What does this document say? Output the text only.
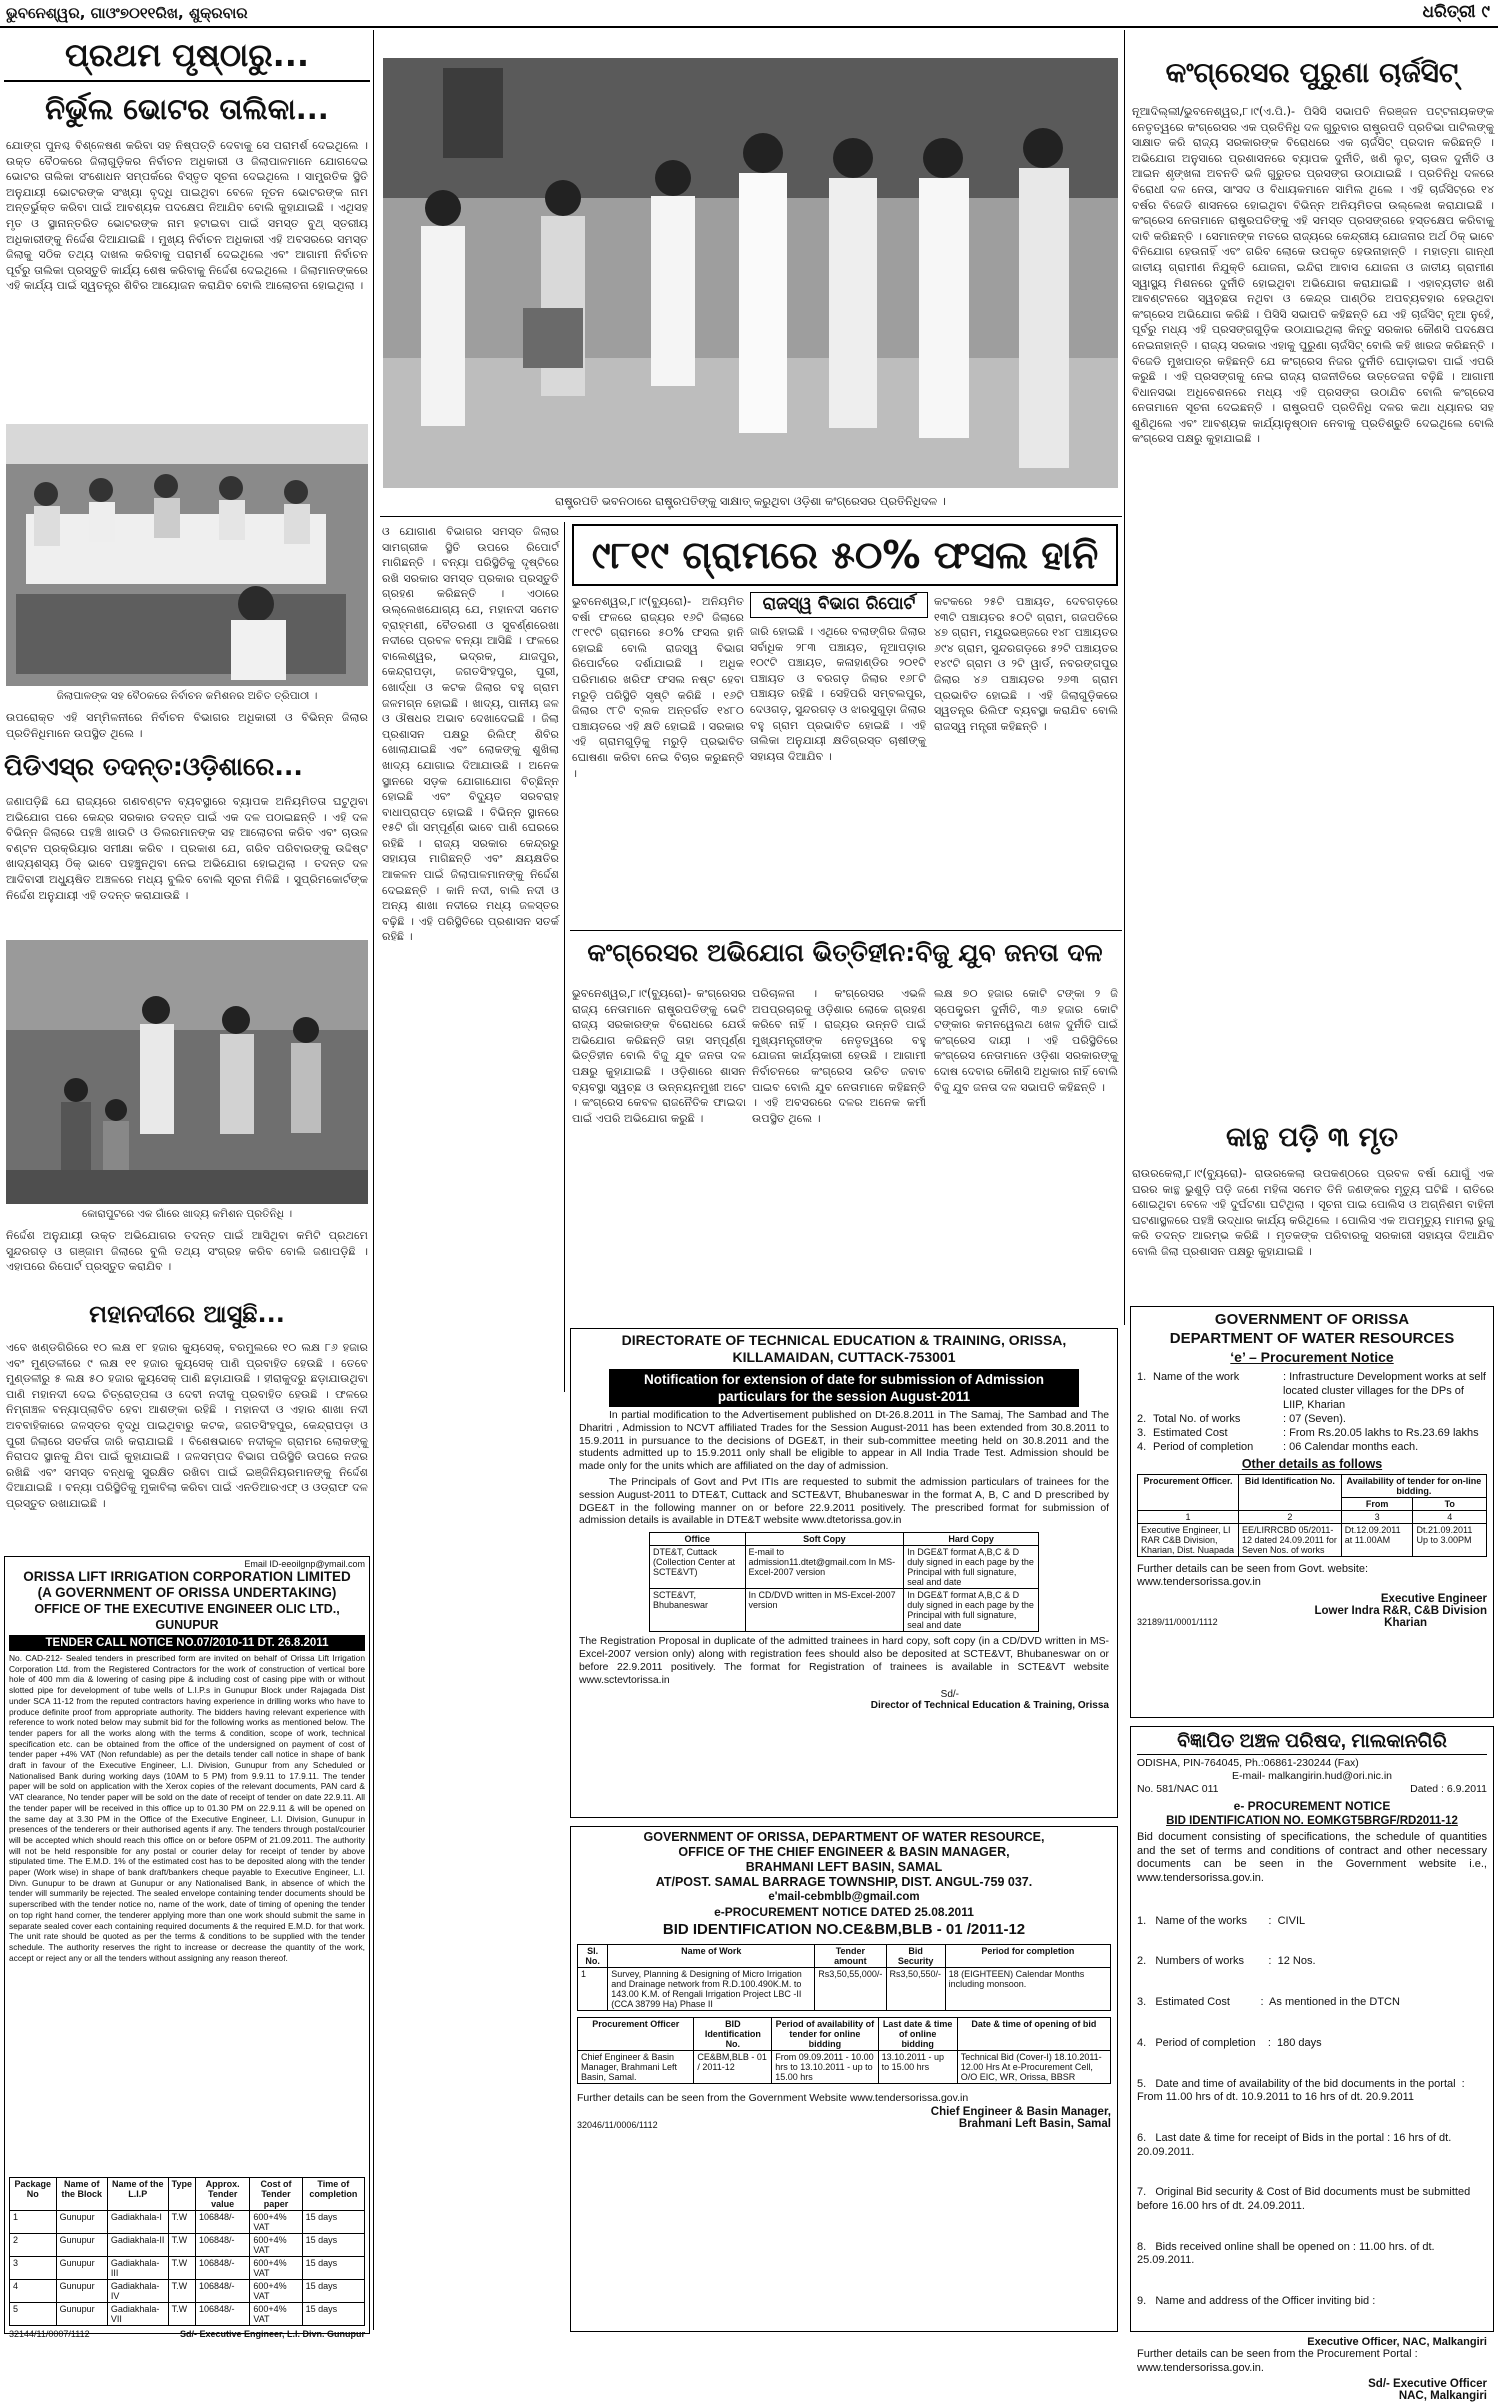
ଭୁବନେଶ୍ୱର, ଗାଓଂ୭୦୧୧ରିଖ, ଶୁକ୍ରବାର	ଧରିତ୍ରୀ ୯
ପ୍ରଥମ ପୃଷ୍ଠାରୁ...
ନିର୍ଭୁଲ ଭୋଟର ତାଲିକା...
ଯୋଙ୍ଗ ପୁନଶ୍ଚ ବିଶ୍ଳେଷଣ କରିବା ସହ ନିଷ୍ପତ୍ତି ଦେବାକୁ ସେ ପରାମର୍ଶ ଦେଇଥିଲେ । ଉକ୍ତ ବୈଠକରେ ଜିଲାଗୁଡ଼ିକର ନିର୍ବାଚନ ଅଧିକାରୀ ଓ ଜିଲାପାଳମାନେ ଯୋଗଦେଇ ଭୋଟର ତାଲିକା ସଂଶୋଧନ ସମ୍ପର୍କରେ ବିସ୍ତୃତ ସୂଚନା ଦେଇଥିଲେ । ସାମ୍ପ୍ରତିକ ସ୍ଥିତି ଅନୁଯାୟୀ ଭୋଟରଙ୍କ ସଂଖ୍ୟା ବୃଦ୍ଧି ପାଇଥିବା ବେଳେ ନୂତନ ଭୋଟରଙ୍କ ନାମ ଅନ୍ତର୍ଭୁକ୍ତ କରିବା ପାଇଁ ଆବଶ୍ୟକ ପଦକ୍ଷେପ ନିଆଯିବ ବୋଲି କୁହାଯାଇଛି । ଏଥିସହ ମୃତ ଓ ସ୍ଥାନାନ୍ତରିତ ଭୋଟରଙ୍କ ନାମ ହଟାଇବା ପାଇଁ ସମସ୍ତ ବୁଥ୍ ସ୍ତରୀୟ ଅଧିକାରୀଙ୍କୁ ନିର୍ଦ୍ଦେଶ ଦିଆଯାଇଛି । ମୁଖ୍ୟ ନିର୍ବାଚନ ଅଧିକାରୀ ଏହି ଅବସରରେ ସମସ୍ତ ଜିଲାକୁ ସଠିକ ତଥ୍ୟ ଦାଖଲ କରିବାକୁ ପରାମର୍ଶ ଦେଇଥିଲେ ଏବଂ ଆଗାମୀ ନିର୍ବାଚନ ପୂର୍ବରୁ ତାଲିକା ପ୍ରସ୍ତୁତି କାର୍ଯ୍ୟ ଶେଷ କରିବାକୁ ନିର୍ଦ୍ଦେଶ ଦେଇଥିଲେ । ଜିଲାମାନଙ୍କରେ ଏହି କାର୍ଯ୍ୟ ପାଇଁ ସ୍ୱତନ୍ତ୍ର ଶିବିର ଆୟୋଜନ କରାଯିବ ବୋଲି ଆଲୋଚନା ହୋଇଥିଲା ।
ଜିଲାପାଳଙ୍କ ସହ ବୈଠକରେ ନିର୍ବାଚନ କମିଶନର ଅଚିତ ତ୍ରିପାଠୀ ।
ଉପରୋକ୍ତ ଏହି ସମ୍ମିଳନୀରେ ନିର୍ବାଚନ ବିଭାଗର ଅଧିକାରୀ ଓ ବିଭିନ୍ନ ଜିଲାର ପ୍ରତିନିଧିମାନେ ଉପସ୍ଥିତ ଥିଲେ ।
ପିଡିଏସ୍‌ର ତଦନ୍ତ:ଓଡ଼ିଶାରେ...
ଜଣାପଡ଼ିଛି ଯେ ରାଜ୍ୟରେ ଗଣବଣ୍ଟନ ବ୍ୟବସ୍ଥାରେ ବ୍ୟାପକ ଅନିୟମିତତା ଘଟୁଥିବା ଅଭିଯୋଗ ପରେ କେନ୍ଦ୍ର ସରକାର ତଦନ୍ତ ପାଇଁ ଏକ ଦଳ ପଠାଇଛନ୍ତି । ଏହି ଦଳ ବିଭିନ୍ନ ଜିଲାରେ ପହଞ୍ଚି ଖାଉଟି ଓ ଡିଲରମାନଙ୍କ ସହ ଆଲୋଚନା କରିବ ଏବଂ ଚାଉଳ ବଣ୍ଟନ ପ୍ରକ୍ରିୟାର ସମୀକ୍ଷା କରିବ । ପ୍ରକାଶ ଯେ, ଗରିବ ପରିବାରଙ୍କୁ ଉଦ୍ଦିଷ୍ଟ ଖାଦ୍ୟଶସ୍ୟ ଠିକ୍ ଭାବେ ପହଞ୍ଚୁନଥିବା ନେଇ ଅଭିଯୋଗ ହୋଇଥିଲା । ତଦନ୍ତ ଦଳ ଆଦିବାସୀ ଅଧ୍ୟୁଷିତ ଅଞ୍ଚଳରେ ମଧ୍ୟ ବୁଲିବ ବୋଲି ସୂଚନା ମିଳିଛି । ସୁପ୍ରିମକୋର୍ଟଙ୍କ ନିର୍ଦ୍ଦେଶ ଅନୁଯାୟୀ ଏହି ତଦନ୍ତ କରାଯାଉଛି ।
କୋରାପୁଟରେ ଏକ ଗାଁରେ ଖାଦ୍ୟ କମିଶନ ପ୍ରତିନିଧି ।
ନିର୍ଦ୍ଦେଶ ଅନୁଯାୟୀ ଉକ୍ତ ଅଭିଯୋଗର ତଦନ୍ତ ପାଇଁ ଆସିଥିବା କମିଟି ପ୍ରଥମେ ସୁନ୍ଦରଗଡ଼ ଓ ଗଞ୍ଜାମ ଜିଲାରେ ବୁଲି ତଥ୍ୟ ସଂଗ୍ରହ କରିବ ବୋଲି ଜଣାପଡ଼ିଛି । ଏହାପରେ ରିପୋର୍ଟ ପ୍ରସ୍ତୁତ କରାଯିବ ।
ମହାନଦୀରେ ଆସୁଛି...
ଏବେ ଖଣ୍ଡଗିରିରେ ୧୦ ଲକ୍ଷ ୧୮ ହଜାର କ୍ୟୁସେକ୍, ବରମୁଲରେ ୧୦ ଲକ୍ଷ ୮୬ ହଜାର ଏବଂ ମୁଣ୍ଡଳୀରେ ୯ ଲକ୍ଷ ୧୧ ହଜାର କ୍ୟୁସେକ୍ ପାଣି ପ୍ରବାହିତ ହେଉଛି । ତେବେ ମୁଣ୍ଡଳୀରୁ ୫ ଲକ୍ଷ ୫୦ ହଜାର କ୍ୟୁସେକ୍ ପାଣି ଛଡ଼ାଯାଉଛି । ହୀରାକୁଦରୁ ଛଡ଼ାଯାଉଥିବା ପାଣି ମହାନଦୀ ଦେଇ ଚିତ୍ରୋତ୍ପଳା ଓ ଦେବୀ ନଦୀକୁ ପ୍ରବାହିତ ହେଉଛି । ଫଳରେ ନିମ୍ନାଞ୍ଚଳ ବନ୍ୟାପ୍ଲାବିତ ହେବା ଆଶଙ୍କା ରହିଛି । ମହାନଦୀ ଓ ଏହାର ଶାଖା ନଦୀ ଅବବାହିକାରେ ଜଳସ୍ତର ବୃଦ୍ଧି ପାଇଥିବାରୁ କଟକ, ଜଗତସିଂହପୁର, କେନ୍ଦ୍ରାପଡ଼ା ଓ ପୁରୀ ଜିଲାରେ ସତର୍କତା ଜାରି କରାଯାଇଛି । ବିଶେଷଭାବେ ନଦୀକୂଳ ଗ୍ରାମର ଲୋକଙ୍କୁ ନିରାପଦ ସ୍ଥାନକୁ ଯିବା ପାଇଁ କୁହାଯାଇଛି । ଜଳସମ୍ପଦ ବିଭାଗ ପରିସ୍ଥିତି ଉପରେ ନଜର ରଖିଛି ଏବଂ ସମସ୍ତ ବନ୍ଧକୁ ସୁରକ୍ଷିତ ରଖିବା ପାଇଁ ଇଞ୍ଜିନିୟରମାନଙ୍କୁ ନିର୍ଦ୍ଦେଶ ଦିଆଯାଇଛି । ବନ୍ୟା ପରିସ୍ଥିତିକୁ ମୁକାବିଲା କରିବା ପାଇଁ ଏନଡିଆରଏଫ୍ ଓ ଓଡ୍ରାଫ ଦଳ ପ୍ରସ୍ତୁତ ରଖାଯାଇଛି ।
Email ID-eeoilgnp@ymail.com
ORISSA LIFT IRRIGATION CORPORATION LIMITED
(A GOVERNMENT OF ORISSA UNDERTAKING)
OFFICE OF THE EXECUTIVE ENGINEER OLIC LTD., GUNUPUR
TENDER CALL NOTICE NO.07/2010-11 DT. 26.8.2011
No. CAD-212- Sealed tenders in prescribed form are invited on behalf of Orissa Lift Irrigation Corporation Ltd. from the Registered Contractors for the work of construction of vertical bore hole of 400 mm dia & lowering of casing pipe & including cost of casing pipe with or without slotted pipe for development of tube wells of L.I.P.s in Gunupur Block under Rajagada Dist under SCA 11-12 from the reputed contractors having experience in drilling works who have to produce definite proof from appropriate authority. The bidders having relevant experience with reference to work noted below may submit bid for the following works as mentioned below. The tender papers for all the works along with the terms & condition, scope of work, technical specification etc. can be obtained from the office of the undersigned on payment of cost of tender paper +4% VAT (Non refundable) as per the details tender call notice in shape of bank draft in favour of the Executive Engineer, L.I. Division, Gunupur from any Scheduled or Nationalised Bank during working days (10AM to 5 PM) from 9.9.11 to 17.9.11. The tender paper will be sold on application with the Xerox copies of the relevant documents, PAN card & VAT clearance, No tender paper will be sold on the date of receipt of tender on date 22.9.11. All the tender paper will be received in this office up to 01.30 PM on 22.9.11 & will be opened on the same day at 3.30 PM in the Office of the Executive Engineer, L.I. Division, Gunupur in presences of the tenderers or their authorised agents if any. The tenders through postal/courier will be accepted which should reach this office on or before 05PM of 21.09.2011. The authority will not be held responsible for any postal or courier delay for receipt of tender by above stipulated time. The E.M.D. 1% of the estimated cost has to be deposited along with the tender paper (Work wise) in shape of bank draft/bankers cheque payable to Executive Engineer, L.I. Divn. Gunupur to be drawn at Gunupur or any Nationalised Bank, in absence of which the tender will summarily be rejected. The sealed envelope containing tender documents should be superscribed with the tender notice no, name of the work, date of timing of opening the tender on top right hand corner, the tenderer applying more than one work should submit the same in separate sealed cover each containing required documents & the required E.M.D. for that work. The unit rate should be quoted as per the terms & conditions to be supplied with the tender schedule. The authority reserves the right to increase or decrease the quantity of the work, accept or reject any or all the tenders without assigning any reason thereof.
Package No	Name of the Block	Name of the L.I.P	Type	Approx. Tender value	Cost of Tender paper	Time of completion
1	Gunupur	Gadiakhala-I	T.W	106848/-	600+4% VAT	15 days
2	Gunupur	Gadiakhala-II	T.W	106848/-	600+4% VAT	15 days
3	Gunupur	Gadiakhala-III	T.W	106848/-	600+4% VAT	15 days
4	Gunupur	Gadiakhala-IV	T.W	106848/-	600+4% VAT	15 days
5	Gunupur	Gadiakhala-VII	T.W	106848/-	600+4% VAT	15 days
32144/11/0007/1112	Sd/- Executive Engineer, L.I. Divn. Gunupur
ରାଷ୍ଟ୍ରପତି ଭବନଠାରେ ରାଷ୍ଟ୍ରପତିଙ୍କୁ ସାକ୍ଷାତ୍ କରୁଥିବା ଓଡ଼ିଶା କଂଗ୍ରେସର ପ୍ରତିନିଧିଦଳ ।
ଓ ଯୋଗାଣ ବିଭାଗର ସମସ୍ତ ଜିଲାର ସାମଗ୍ରୀକ ସ୍ଥିତି ଉପରେ ରିପୋର୍ଟ ମାଗିଛନ୍ତି । ବନ୍ୟା ପରିସ୍ଥିତିକୁ ଦୃଷ୍ଟିରେ ରଖି ସରକାର ସମସ୍ତ ପ୍ରକାର ପ୍ରସ୍ତୁତି ଗ୍ରହଣ କରିଛନ୍ତି । ଏଠାରେ ଉଲ୍ଲେଖଯୋଗ୍ୟ ଯେ, ମହାନଦୀ ସମେତ ବ୍ରାହ୍ମଣୀ, ବୈତରଣୀ ଓ ସୁବର୍ଣ୍ଣରେଖା ନଦୀରେ ପ୍ରବଳ ବନ୍ୟା ଆସିଛି । ଫଳରେ ବାଲେଶ୍ୱର, ଭଦ୍ରକ, ଯାଜପୁର, କେନ୍ଦ୍ରାପଡ଼ା, ଜଗତସିଂହପୁର, ପୁରୀ, ଖୋର୍ଦ୍ଧା ଓ କଟକ ଜିଲାର ବହୁ ଗ୍ରାମ ଜଳମଗ୍ନ ହୋଇଛି । ଖାଦ୍ୟ, ପାନୀୟ ଜଳ ଓ ଔଷଧର ଅଭାବ ଦେଖାଦେଇଛି । ଜିଲା ପ୍ରଶାସନ ପକ୍ଷରୁ ରିଲିଫ୍ ଶିବିର ଖୋଲାଯାଇଛି ଏବଂ ଲୋକଙ୍କୁ ଶୁଖିଲା ଖାଦ୍ୟ ଯୋଗାଇ ଦିଆଯାଉଛି । ଅନେକ ସ୍ଥାନରେ ସଡ଼କ ଯୋଗାଯୋଗ ବିଚ୍ଛିନ୍ନ ହୋଇଛି ଏବଂ ବିଦ୍ୟୁତ ସରବରାହ ବାଧାପ୍ରାପ୍ତ ହୋଇଛି । ବିଭିନ୍ନ ସ୍ଥାନରେ ୧୫ଟି ଗାଁ ସମ୍ପୂର୍ଣ୍ଣ ଭାବେ ପାଣି ଘେରରେ ରହିଛି । ରାଜ୍ୟ ସରକାର କେନ୍ଦ୍ରରୁ ସହାୟତା ମାଗିଛନ୍ତି ଏବଂ କ୍ଷୟକ୍ଷତିର ଆକଳନ ପାଇଁ ଜିଲାପାଳମାନଙ୍କୁ ନିର୍ଦ୍ଦେଶ ଦେଇଛନ୍ତି । କାନି ନଦୀ, ବାଲି ନଦୀ ଓ ଅନ୍ୟ ଶାଖା ନଦୀରେ ମଧ୍ୟ ଜଳସ୍ତର ବଢ଼ିଛି । ଏହି ପରିସ୍ଥିତିରେ ପ୍ରଶାସନ ସତର୍କ ରହିଛି ।
୯୮୧୯ ଗ୍ରାମରେ ୫୦% ଫସଲ ହାନି
ଭୁବନେଶ୍ୱର,୮।୯(ବ୍ୟୁରୋ)- ଅନିୟମିତ ବର୍ଷା ଫଳରେ ରାଜ୍ୟର ୧୬ଟି ଜିଲାରେ ୯୮୧୯ଟି ଗ୍ରାମରେ ୫୦% ଫସଲ ହାନି ହୋଇଛି ବୋଲି ରାଜସ୍ୱ ବିଭାଗ ରିପୋର୍ଟରେ ଦର୍ଶାଯାଇଛି । ଅଧିକ ପରିମାଣର ଖରିଫ ଫସଲ ନଷ୍ଟ ହେବା ମରୁଡ଼ି ପରିସ୍ଥିତି ସୃଷ୍ଟି କରିଛି । ୧୬ଟି ଜିଲାର ୯୮ଟି ବ୍ଲକ ଅନ୍ତର୍ଗତ ୧୪୮୦ ପଞ୍ଚାୟତରେ ଏହି କ୍ଷତି ହୋଇଛି । ସରକାର ଏହି ଗ୍ରାମଗୁଡ଼ିକୁ ମରୁଡ଼ି ପ୍ରଭାବିତ ଘୋଷଣା କରିବା ନେଇ ବିଚାର କରୁଛନ୍ତି ।
ରାଜସ୍ୱ ବିଭାଗ ରିପୋର୍ଟ
ଜାରି ହୋଇଛି । ଏଥିରେ ବଲାଙ୍ଗିର ଜିଲାର ସର୍ବାଧିକ ୨୮୩ ପଞ୍ଚାୟତ, ନୂଆପଡ଼ାର ୧୦୯ଟି ପଞ୍ଚାୟତ, କଳାହାଣ୍ଡିର ୨୦୧ଟି ପଞ୍ଚାୟତ ଓ ବରଗଡ଼ ଜିଲାର ୧୬୮ଟି ପଞ୍ଚାୟତ ରହିଛି । ସେହିପରି ସମ୍ବଲପୁର, ଦେଓଗଡ଼, ସୁନ୍ଦରଗଡ଼ ଓ ଝାରସୁଗୁଡ଼ା ଜିଲାର ବହୁ ଗ୍ରାମ ପ୍ରଭାବିତ ହୋଇଛି । ଏହି ତାଲିକା ଅନୁଯାୟୀ କ୍ଷତିଗ୍ରସ୍ତ ଚାଷୀଙ୍କୁ ସହାୟତା ଦିଆଯିବ ।
କଟକରେ ୨୫ଟି ପଞ୍ଚାୟତ, ଦେବଗଡ଼ରେ ୧୩ଟି ପଞ୍ଚାୟତର ୫୦ଟି ଗ୍ରାମ, ଗଜପତିରେ ୪୭ ଗ୍ରାମ, ମୟୂରଭଞ୍ଜରେ ୧୪୮ ପଞ୍ଚାୟତର ୬୯୪ ଗ୍ରାମ, ସୁନ୍ଦରଗଡ଼ରେ ୫୨ଟି ପଞ୍ଚାୟତର ୧୪୯ଟି ଗ୍ରାମ ଓ ୨ଟି ୱାର୍ଡ, ନବରଙ୍ଗପୁର ଜିଲାର ୪୬ ପଞ୍ଚାୟତର ୨୬୩ ଗ୍ରାମ ପ୍ରଭାବିତ ହୋଇଛି । ଏହି ଜିଲାଗୁଡ଼ିକରେ ସ୍ୱତନ୍ତ୍ର ରିଲିଫ ବ୍ୟବସ୍ଥା କରାଯିବ ବୋଲି ରାଜସ୍ୱ ମନ୍ତ୍ରୀ କହିଛନ୍ତି ।
କଂଗ୍ରେସର ଅଭିଯୋଗ ଭିତ୍ତିହୀନ:ବିଜୁ ଯୁବ ଜନତା ଦଳ
ଭୁବନେଶ୍ୱର,୮।୯(ବ୍ୟୁରୋ)- କଂଗ୍ରେସର ରାଜ୍ୟ ନେତାମାନେ ରାଷ୍ଟ୍ରପତିଙ୍କୁ ଭେଟି ରାଜ୍ୟ ସରକାରଙ୍କ ବିରୋଧରେ ଯେଉଁ ଅଭିଯୋଗ କରିଛନ୍ତି ତାହା ସମ୍ପୂର୍ଣ୍ଣ ଭିତ୍ତିହୀନ ବୋଲି ବିଜୁ ଯୁବ ଜନତା ଦଳ ପକ୍ଷରୁ କୁହାଯାଇଛି । ଓଡ଼ିଶାରେ ଶାସନ ବ୍ୟବସ୍ଥା ସ୍ୱଚ୍ଛ ଓ ଉନ୍ନୟନମୁଖୀ ଅଟେ । କଂଗ୍ରେସ କେବଳ ରାଜନୈତିକ ଫାଇଦା ପାଇଁ ଏପରି ଅଭିଯୋଗ କରୁଛି ।
ପରିଚାଳନା । କଂଗ୍ରେସର ଏଭଳି ଅପପ୍ରଚାରକୁ ଓଡ଼ିଶାର ଲୋକେ ଗ୍ରହଣ କରିବେ ନାହିଁ । ରାଜ୍ୟର ଉନ୍ନତି ପାଇଁ ମୁଖ୍ୟମନ୍ତ୍ରୀଙ୍କ ନେତୃତ୍ୱରେ ବହୁ ଯୋଜନା କାର୍ଯ୍ୟକାରୀ ହେଉଛି । ଆଗାମୀ ନିର୍ବାଚନରେ କଂଗ୍ରେସ ଉଚିତ ଜବାବ ପାଇବ ବୋଲି ଯୁବ ନେତାମାନେ କହିଛନ୍ତି । ଏହି ଅବସରରେ ଦଳର ଅନେକ କର୍ମୀ ଉପସ୍ଥିତ ଥିଲେ ।
ଲକ୍ଷ ୭୦ ହଜାର କୋଟି ଟଙ୍କା ୨ ଜି ସ୍ପେକ୍ଟ୍ରମ ଦୁର୍ନୀତି, ୩୬ ହଜାର କୋଟି ଟଙ୍କାର କମନୱେଲଥ ଖେଳ ଦୁର୍ନୀତି ପାଇଁ କଂଗ୍ରେସ ଦାୟୀ । ଏହି ପରିସ୍ଥିତିରେ କଂଗ୍ରେସ ନେତାମାନେ ଓଡ଼ିଶା ସରକାରଙ୍କୁ ଦୋଷ ଦେବାର କୌଣସି ଅଧିକାର ନାହିଁ ବୋଲି ବିଜୁ ଯୁବ ଜନତା ଦଳ ସଭାପତି କହିଛନ୍ତି ।
DIRECTORATE OF TECHNICAL EDUCATION & TRAINING, ORISSA,
KILLAMAIDAN, CUTTACK-753001
Notification for extension of date for submission of Admission particulars for the session August-2011
In partial modification to the Advertisement published on Dt-26.8.2011 in The Samaj, The Sambad and The Dharitri , Admission to NCVT affiliated Trades for the Session August-2011 has been extended from 30.8.2011 to 15.9.2011 in pursuance to the decisions of DGE&T, in their sub-committee meeting held on 30.8.2011 and the students admitted up to 15.9.2011 only shall be eligible to appear in All India Trade Test. Admission should be made only for the units which are affiliated on the day of admission.
The Principals of Govt and Pvt ITIs are requested to submit the admission particulars of trainees for the session August-2011 to DTE&T, Cuttack and SCTE&VT, Bhubaneswar in the format A, B, C and D prescribed by DGE&T in the following manner on or before 22.9.2011 positively. The prescribed format for submission of admission details is available in DTE&T website www.dtetorissa.gov.in
Office	Soft Copy	Hard Copy
DTE&T, Cuttack (Collection Center at SCTE&VT)	E-mail to admission11.dtet@gmail.com In MS-Excel-2007 version	In DGE&T format A,B,C & D duly signed in each page by the Principal with full signature, seal and date
SCTE&VT, Bhubaneswar	In CD/DVD written in MS-Excel-2007 version	In DGE&T format A,B,C & D duly signed in each page by the Principal with full signature, seal and date
The Registration Proposal in duplicate of the admitted trainees in hard copy, soft copy (in a CD/DVD written in MS-Excel-2007 version only) along with registration fees should also be deposited at SCTE&VT, Bhubaneswar on or before 22.9.2011 positively. The format for Registration of trainees is available in SCTE&VT website www.sctevtorissa.in
Sd/-
Director of Technical Education & Training, Orissa
GOVERNMENT OF ORISSA, DEPARTMENT OF WATER RESOURCE,
OFFICE OF THE CHIEF ENGINEER & BASIN MANAGER,
BRAHMANI LEFT BASIN, SAMAL
AT/POST. SAMAL BARRAGE TOWNSHIP, DIST. ANGUL-759 037.
e'mail-cebmblb@gmail.com
e-PROCUREMENT NOTICE DATED 25.08.2011
BID IDENTIFICATION NO.CE&BM,BLB - 01 /2011-12
Sl. No.	Name of Work	Tender amount	Bid Security	Period for completion
1	Survey, Planning & Designing of Micro Irrigation and Drainage network from R.D.100.490K.M. to 143.00 K.M. of Rengali Irrigation Project LBC -II (CCA 38799 Ha) Phase II	Rs3,50,55,000/-	Rs3,50,550/-	18 (EIGHTEEN) Calendar Months including monsoon.
Procurement Officer	BID Identification No.	Period of availability of tender for online bidding	Last date & time of online bidding	Date & time of opening of bid
Chief Engineer & Basin Manager, Brahmani Left Basin, Samal.	CE&BM,BLB - 01 / 2011-12	From 09.09.2011 - 10.00 hrs to 13.10.2011 - up to 15.00 hrs	13.10.2011 - up to 15.00 hrs	Technical Bid (Cover-I) 18.10.2011- 12.00 Hrs At e-Procurement Cell, O/O EIC, WR, Orissa, BBSR
Further details can be seen from the Government Website www.tendersorissa.gov.in
32046/11/0006/1112
Chief Engineer & Basin Manager,
Brahmani Left Basin, Samal
କଂଗ୍ରେସର ପୁରୁଣା ଚାର୍ଜସିଟ୍
ନୂଆଦିଲ୍ଲୀ/ଭୁବନେଶ୍ୱର,୮।୯(ଏ.ପି.)- ପିସିସି ସଭାପତି ନିରଞ୍ଜନ ପଟ୍ଟନାୟକଙ୍କ ନେତୃତ୍ୱରେ କଂଗ୍ରେସର ଏକ ପ୍ରତିନିଧି ଦଳ ଗୁରୁବାର ରାଷ୍ଟ୍ରପତି ପ୍ରତିଭା ପାଟିଲଙ୍କୁ ସାକ୍ଷାତ କରି ରାଜ୍ୟ ସରକାରଙ୍କ ବିରୋଧରେ ଏକ ଚାର୍ଜସିଟ୍ ପ୍ରଦାନ କରିଛନ୍ତି । ଅଭିଯୋଗ ଅନୁସାରେ ପ୍ରଶାସନରେ ବ୍ୟାପକ ଦୁର୍ନୀତି, ଖଣି ଲୁଟ୍, ଚାଉଳ ଦୁର୍ନୀତି ଓ ଆଇନ ଶୃଙ୍ଖଳା ଅବନତି ଭଳି ଗୁରୁତର ପ୍ରସଙ୍ଗ ଉଠାଯାଇଛି । ପ୍ରତିନିଧି ଦଳରେ ବିରୋଧୀ ଦଳ ନେତା, ସାଂସଦ ଓ ବିଧାୟକମାନେ ସାମିଲ ଥିଲେ । ଏହି ଚାର୍ଜସିଟ୍‌ରେ ୧୪ ବର୍ଷର ବିଜେଡି ଶାସନରେ ହୋଇଥିବା ବିଭିନ୍ନ ଅନିୟମିତତା ଉଲ୍ଲେଖ କରାଯାଇଛି । କଂଗ୍ରେସ ନେତାମାନେ ରାଷ୍ଟ୍ରପତିଙ୍କୁ ଏହି ସମସ୍ତ ପ୍ରସଙ୍ଗରେ ହସ୍ତକ୍ଷେପ କରିବାକୁ ଦାବି କରିଛନ୍ତି । ସେମାନଙ୍କ ମତରେ ରାଜ୍ୟରେ କେନ୍ଦ୍ରୀୟ ଯୋଜନାର ଅର୍ଥ ଠିକ୍ ଭାବେ ବିନିଯୋଗ ହେଉନାହିଁ ଏବଂ ଗରିବ ଲୋକେ ଉପକୃତ ହେଉନାହାନ୍ତି । ମହାତ୍ମା ଗାନ୍ଧୀ ଜାତୀୟ ଗ୍ରାମୀଣ ନିଯୁକ୍ତି ଯୋଜନା, ଇନ୍ଦିରା ଆବାସ ଯୋଜନା ଓ ଜାତୀୟ ଗ୍ରାମୀଣ ସ୍ୱାସ୍ଥ୍ୟ ମିଶନରେ ଦୁର୍ନୀତି ହୋଇଥିବା ଅଭିଯୋଗ କରାଯାଇଛି । ଏହାବ୍ୟତୀତ ଖଣି ଆବଣ୍ଟନରେ ସ୍ୱଚ୍ଛତା ନଥିବା ଓ କେନ୍ଦ୍ର ପାଣ୍ଠିର ଅପବ୍ୟବହାର ହେଉଥିବା କଂଗ୍ରେସ ଅଭିଯୋଗ କରିଛି । ପିସିସି ସଭାପତି କହିଛନ୍ତି ଯେ ଏହି ଚାର୍ଜସିଟ୍ ନୂଆ ନୁହେଁ, ପୂର୍ବରୁ ମଧ୍ୟ ଏହି ପ୍ରସଙ୍ଗଗୁଡ଼ିକ ଉଠାଯାଇଥିଲା କିନ୍ତୁ ସରକାର କୌଣସି ପଦକ୍ଷେପ ନେଇନାହାନ୍ତି । ରାଜ୍ୟ ସରକାର ଏହାକୁ ପୁରୁଣା ଚାର୍ଜସିଟ୍ ବୋଲି କହି ଖାରଜ କରିଛନ୍ତି । ବିଜେଡି ମୁଖପାତ୍ର କହିଛନ୍ତି ଯେ କଂଗ୍ରେସ ନିଜର ଦୁର୍ନୀତି ଘୋଡ଼ାଇବା ପାଇଁ ଏପରି କରୁଛି । ଏହି ପ୍ରସଙ୍ଗକୁ ନେଇ ରାଜ୍ୟ ରାଜନୀତିରେ ଉତ୍ତେଜନା ବଢ଼ିଛି । ଆଗାମୀ ବିଧାନସଭା ଅଧିବେଶନରେ ମଧ୍ୟ ଏହି ପ୍ରସଙ୍ଗ ଉଠାଯିବ ବୋଲି କଂଗ୍ରେସ ନେତାମାନେ ସୂଚନା ଦେଇଛନ୍ତି । ରାଷ୍ଟ୍ରପତି ପ୍ରତିନିଧି ଦଳର କଥା ଧ୍ୟାନର ସହ ଶୁଣିଥିଲେ ଏବଂ ଆବଶ୍ୟକ କାର୍ଯ୍ୟାନୁଷ୍ଠାନ ନେବାକୁ ପ୍ରତିଶ୍ରୁତି ଦେଇଥିଲେ ବୋଲି କଂଗ୍ରେସ ପକ୍ଷରୁ କୁହାଯାଇଛି ।
କାନ୍ଥ ପଡ଼ି ୩ ମୃତ
ରାଉରକେଲା,୮।୯(ବ୍ୟୁରୋ)- ରାଉରକେଲା ଉପକଣ୍ଠରେ ପ୍ରବଳ ବର୍ଷା ଯୋଗୁଁ ଏକ ଘରର କାନ୍ଥ ଭୁଶୁଡ଼ି ପଡ଼ି ଜଣେ ମହିଳା ସମେତ ତିନି ଜଣଙ୍କର ମୃତ୍ୟୁ ଘଟିଛି । ରାତିରେ ଶୋଇଥିବା ବେଳେ ଏହି ଦୁର୍ଘଟଣା ଘଟିଥିଲା । ସୂଚନା ପାଇ ପୋଲିସ ଓ ଅଗ୍ନିଶମ ବାହିନୀ ଘଟଣାସ୍ଥଳରେ ପହଞ୍ଚି ଉଦ୍ଧାର କାର୍ଯ୍ୟ କରିଥିଲେ । ପୋଲିସ ଏକ ଅପମୃତ୍ୟୁ ମାମଲା ରୁଜୁ କରି ତଦନ୍ତ ଆରମ୍ଭ କରିଛି । ମୃତକଙ୍କ ପରିବାରକୁ ସରକାରୀ ସହାୟତା ଦିଆଯିବ ବୋଲି ଜିଲା ପ୍ରଶାସନ ପକ୍ଷରୁ କୁହାଯାଇଛି ।
GOVERNMENT OF ORISSA
DEPARTMENT OF WATER RESOURCES
‘e’ – Procurement Notice
1. Name of the work	: Infrastructure Development works at self located cluster villages for the DPs of LIIP, Kharian
2. Total No. of works	: 07 (Seven).
3. Estimated Cost	: From Rs.20.05 lakhs to Rs.23.69 lakhs
4. Period of completion	: 06 Calendar months each.
Other details as follows
Procurement Officer.	Bid Identification No.	Availability of tender for on-line bidding.	
		From	To
1	2	3	4
Executive Engineer, LI RAR C&B Division, Kharian, Dist. Nuapada	EE/LIRRCBD 05/2011-12 dated 24.09.2011 for Seven Nos. of works	Dt.12.09.2011 at 11.00AM	Dt.21.09.2011 Up to 3.00PM
Further details can be seen from Govt. website: www.tendersorissa.gov.in
Executive Engineer
Lower Indra R&R, C&B Division
32189/11/0001/1112	Kharian
ବିଜ୍ଞାପିତ ଅଞ୍ଚଳ ପରିଷଦ, ମାଲକାନଗିରି
ODISHA, PIN-764045, Ph.:06861-230244 (Fax)
E-mail- malkangirin.hud@ori.nic.in
No. 581/NAC 011	Dated : 6.9.2011
e- PROCUREMENT NOTICE
BID IDENTIFICATION NO. EOMKGT5BRGF/RD2011-12
Bid document consisting of specifications, the schedule of quantities and the set of terms and conditions of contract and other necessary documents can be seen in the Government website i.e., www.tendersorissa.gov.in.

1.   Name of the works       :  CIVIL

2.   Numbers of works        :  12 Nos.

3.   Estimated Cost          :  As mentioned in the DTCN

4.   Period of completion    :  180 days

5.   Date and time of availability of the bid documents in the portal  :  From 11.00 hrs of dt. 10.9.2011 to 16 hrs of dt. 20.9.2011

6.   Last date & time for receipt of Bids in the portal : 16 hrs of dt. 20.09.2011.

7.   Original Bid security & Cost of Bid documents must be submitted before 16.00 hrs of dt. 24.09.2011.

8.   Bids received online shall be opened on : 11.00 hrs. of dt. 25.09.2011.

9.   Name and address of the Officer inviting bid :

Executive Officer, NAC, Malkangiri
Further details can be seen from the Procurement Portal : www.tendersorissa.gov.in.
Sd/- Executive Officer
NAC, Malkangiri
